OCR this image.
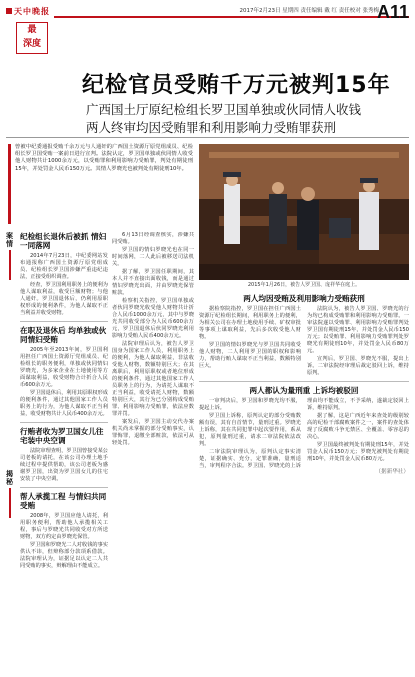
天中晚报
最
深度
2017年2月23日 星期四 责任编辑 戴 红 责任校对 张秀梅
A11
纪检官员受贿千万元被判15年
广西国土厅原纪检组长罗卫国单独或伙同情人收钱
两人终审均因受贿罪和利用影响力受贿罪获刑

曾被中纪委通报受贿千余万元与人通奸的广西国土资源厅原党组成员、纪检组长罗卫国受贿一案前日进行宣判。法院认定，罗卫国单独或伙同情人收受他人财物共计1000余万元，以受贿罪和利用影响力受贿罪，判处有期徒刑15年，并处罚金人民币150万元。其情人罗晓光也被判处有期徒刑10年。

2015年1月26日，被告人罗卫国、庞祥华在庭上。
案情
揭秘
纪检组长退休后被抓 情妇一同落网

2014年7月23日，中纪委网站发布通报称广西国土资源厅原党组成员、纪检组长罗卫国涉嫌严重违纪违法，正接受组织调查。

经查，罗卫国利用职务上的便利为他人谋取利益，收受巨额财物；与他人通奸。罗卫国退休后，仍利用原职权形成的便利条件，为他人谋取不正当利益并收受财物。

在职及退休后 均单独或伙同情妇受贿

2005年至2013年间，罗卫国利用担任广西国土资源厅党组成员、纪检组长的职务便利，单独或伙同情妇罗晓光，为多家企业在土地使用等方面谋取利益，收受财物合计折合人民币600余万元。

罗卫国退休后，利用其原职权形成的便利条件，通过其他国家工作人员职务上的行为，为他人谋取不正当利益，收受财物共计人民币400余万元。

行贿者收为罗卫国女儿往宅装中央空调

法院审理查明，罗卫国曾接受某公司老板的请托，在该公司办理土地手续过程中提供帮助，该公司老板为感谢罗卫国，出资为罗卫国女儿的住宅安装了中央空调。

帮人承揽工程 与情妇共同受贿

2008年，罗卫国应他人请托，利用职务便利，帮助他人承揽相关工程，事后与罗晓光共同收受对方所送财物，双方约定由罗晓光保管。

罗卫国和罗晓光二人对收钱的事实供认不讳，但辩称部分款项系借款。法院审理认为，证据足以认定二人共同受贿的事实，辩解理由不能成立。

6月13日经调查核实，涉嫌共同受贿。

罗卫国的情妇罗晓光也在同一时间落网，二人此后被移送司法机关。

据了解，罗卫国任职期间，其本人并不直接出面收钱，而是通过情妇罗晓光出面，并由罗晓光保管赃款。

检察机关指控，罗卫国单独或者伙同罗晓光收受他人财物共计折合人民币1000余万元，其中与罗晓光共同收受部分为人民币600余万元，罗卫国退休后伙同罗晓光利用影响力受贿人民币400余万元。

法院审理后认为，被告人罗卫国身为国家工作人员，利用职务上的便利，为他人谋取利益，非法收受他人财物，数额特别巨大；在其离职后，利用原职权或者地位形成的便利条件，通过其他国家工作人员职务上的行为，为请托人谋取不正当利益，收受请托人财物，数额特别巨大，其行为已分别构成受贿罪、利用影响力受贿罪，依法应数罪并罚。

案发后，罗卫国主动交代办案机关尚未掌握的部分受贿事实，认罪悔罪，退缴全部赃款，依法可从轻处罚。

两人均因受贿及利用影响力受贿获刑

据检察院指控，罗卫国在担任广西国土资源厅纪检组长期间，利用职务上的便利，为相关公司在办理土地使用手续、矿权审批等事项上谋取利益，先后多次收受他人财物。

罗卫国的情妇罗晓光与罗卫国共同收受他人财物，二人利用罗卫国的职权和影响力，帮助行贿人谋取不正当利益，数额特别巨大。

法院认为，被告人罗卫国、罗晓光的行为均已构成受贿罪和利用影响力受贿罪。一审法院遂以受贿罪、利用影响力受贿罪判处罗卫国有期徒刑15年，并处罚金人民币150万元；以受贿罪、利用影响力受贿罪判处罗晓光有期徒刑10年，并处罚金人民币80万元。

宣判后，罗卫国、罗晓光不服，提出上诉。二审法院经审理后裁定驳回上诉，维持原判。

两人都认为量刑重 上诉均被驳回

一审判决后，罗卫国和罗晓光均不服，提起上诉。

罗卫国上诉称，原判认定的部分受贿数额有误，其有自首情节，量刑过重。罗晓光上诉称，其在共同犯罪中起次要作用，系从犯，原判量刑过重，请求二审法院依法改判。

二审法院审理认为，原判认定事实清楚，证据确实、充分，定罪准确，量刑适当，审判程序合法。罗卫国、罗晓光的上诉理由均不能成立，不予采纳，遂裁定驳回上诉，维持原判。

据了解，这是广西近年来查处的级别较高的纪检干部腐败案件之一，案件的查处体现了反腐败斗争无禁区、全覆盖、零容忍的决心。

罗卫国最终被判处有期徒刑15年，并处罚金人民币150万元；罗晓光被判处有期徒刑10年，并处罚金人民币80万元。

（据新华社）
